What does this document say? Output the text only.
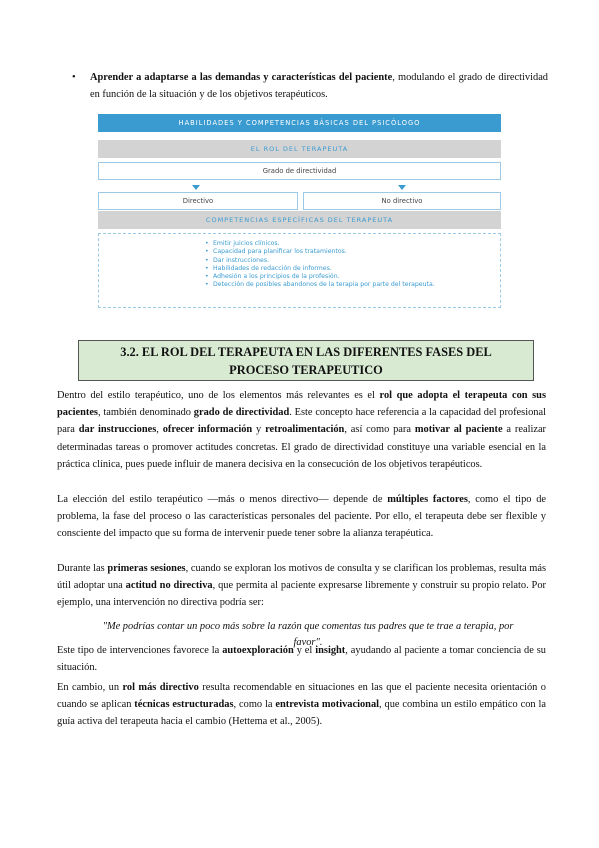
• Aprender a adaptarse a las demandas y características del paciente, modulando el grado de directividad en función de la situación y de los objetivos terapéuticos.
HABILIDADES Y COMPETENCIAS BÁSICAS DEL PSICÓLOGO
EL ROL DEL TERAPEUTA
Grado de directividad
Directivo	No directivo
COMPETENCIAS ESPECÍFICAS DEL TERAPEUTA
• Emitir juicios clínicos.
• Capacidad para planificar los tratamientos.
• Dar instrucciones.
• Habilidades de redacción de informes.
• Adhesión a los principios de la profesión.
• Detección de posibles abandonos de la terapia por parte del terapeuta.
3.2. EL ROL DEL TERAPEUTA EN LAS DIFERENTES FASES DEL
PROCESO TERAPEUTICO

Dentro del estilo terapéutico, uno de los elementos más relevantes es el rol que adopta el terapeuta con sus pacientes, también denominado grado de directividad. Este concepto hace referencia a la capacidad del profesional para dar instrucciones, ofrecer información y retroalimentación, así como para motivar al paciente a realizar determinadas tareas o promover actitudes concretas. El grado de directividad constituye una variable esencial en la práctica clínica, pues puede influir de manera decisiva en la consecución de los objetivos terapéuticos.

La elección del estilo terapéutico —más o menos directivo— depende de múltiples factores, como el tipo de problema, la fase del proceso o las características personales del paciente. Por ello, el terapeuta debe ser flexible y consciente del impacto que su forma de intervenir puede tener sobre la alianza terapéutica.

Durante las primeras sesiones, cuando se exploran los motivos de consulta y se clarifican los problemas, resulta más útil adoptar una actitud no directiva, que permita al paciente expresarse libremente y construir su propio relato. Por ejemplo, una intervención no directiva podría ser:

"Me podrías contar un poco más sobre la razón que comentas tus padres que te trae a terapia, por favor".

Este tipo de intervenciones favorece la autoexploración y el insight, ayudando al paciente a tomar conciencia de su situación.

En cambio, un rol más directivo resulta recomendable en situaciones en las que el paciente necesita orientación o cuando se aplican técnicas estructuradas, como la entrevista motivacional, que combina un estilo empático con la guía activa del terapeuta hacia el cambio (Hettema et al., 2005).
